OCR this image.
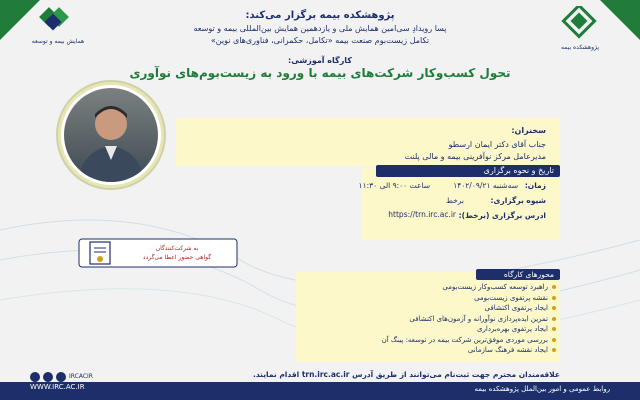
همایش بیمه و توسعه
پژوهشکده بیمه
پژوهشکده بیمه برگزار می‌کند:
پسا رویدادِ سی‌امین همایش ملی و یازدهمین همایش بین‌المللی بیمه و توسعه
تکامل زیست‌بوم صنعت بیمه «تکامل، حکمرانی، فناوری‌های نوین»
کارگاه آموزشی:
تحول کسب‌وکار شرکت‌های بیمه با ورود به زیست‌بوم‌های نوآوری
سخنران:
جناب آقای دکتر ایمان ارسطو
مدیرعامل مرکز نوآفرینی بیمه و مالی پلنت
تاریخ و نحوه برگزاری
زمان:
سه‌شنبه ۱۴۰۲/۰۹/۲۱
ساعت ۹:۰۰ الی ۱۱:۳۰
شیوه برگزاری:
برخط
ادرس برگزاری (برخط):
https://trn.irc.ac.ir
به شرکت‌کنندگان
گواهی حضور اعطا می‌گردد
محورهای کارگاه
راهبرد توسعه کسب‌وکار زیست‌بومی
نقشه پرتفوی زیست‌بومی
ایجاد پرتفوی اکتشافی
تمرین ایده‌پردازی نوآورانه و آزمون‌های اکتشافی
ایجاد پرتفوی بهره‌برداری
بررسی موردی موفق‌ترین شرکت بیمه در توسعه: پینگ آن
ایجاد نقشه فرهنگ سازمانی
IRCACIR	علاقه‌مندان محترم جهت ثبت‌نام می‌توانند از طریق آدرس trn.irc.ac.ir اقدام نمایند.
روابط عمومی و امور بین‌الملل پژوهشکده بیمه
WWW.IRC.AC.IR
